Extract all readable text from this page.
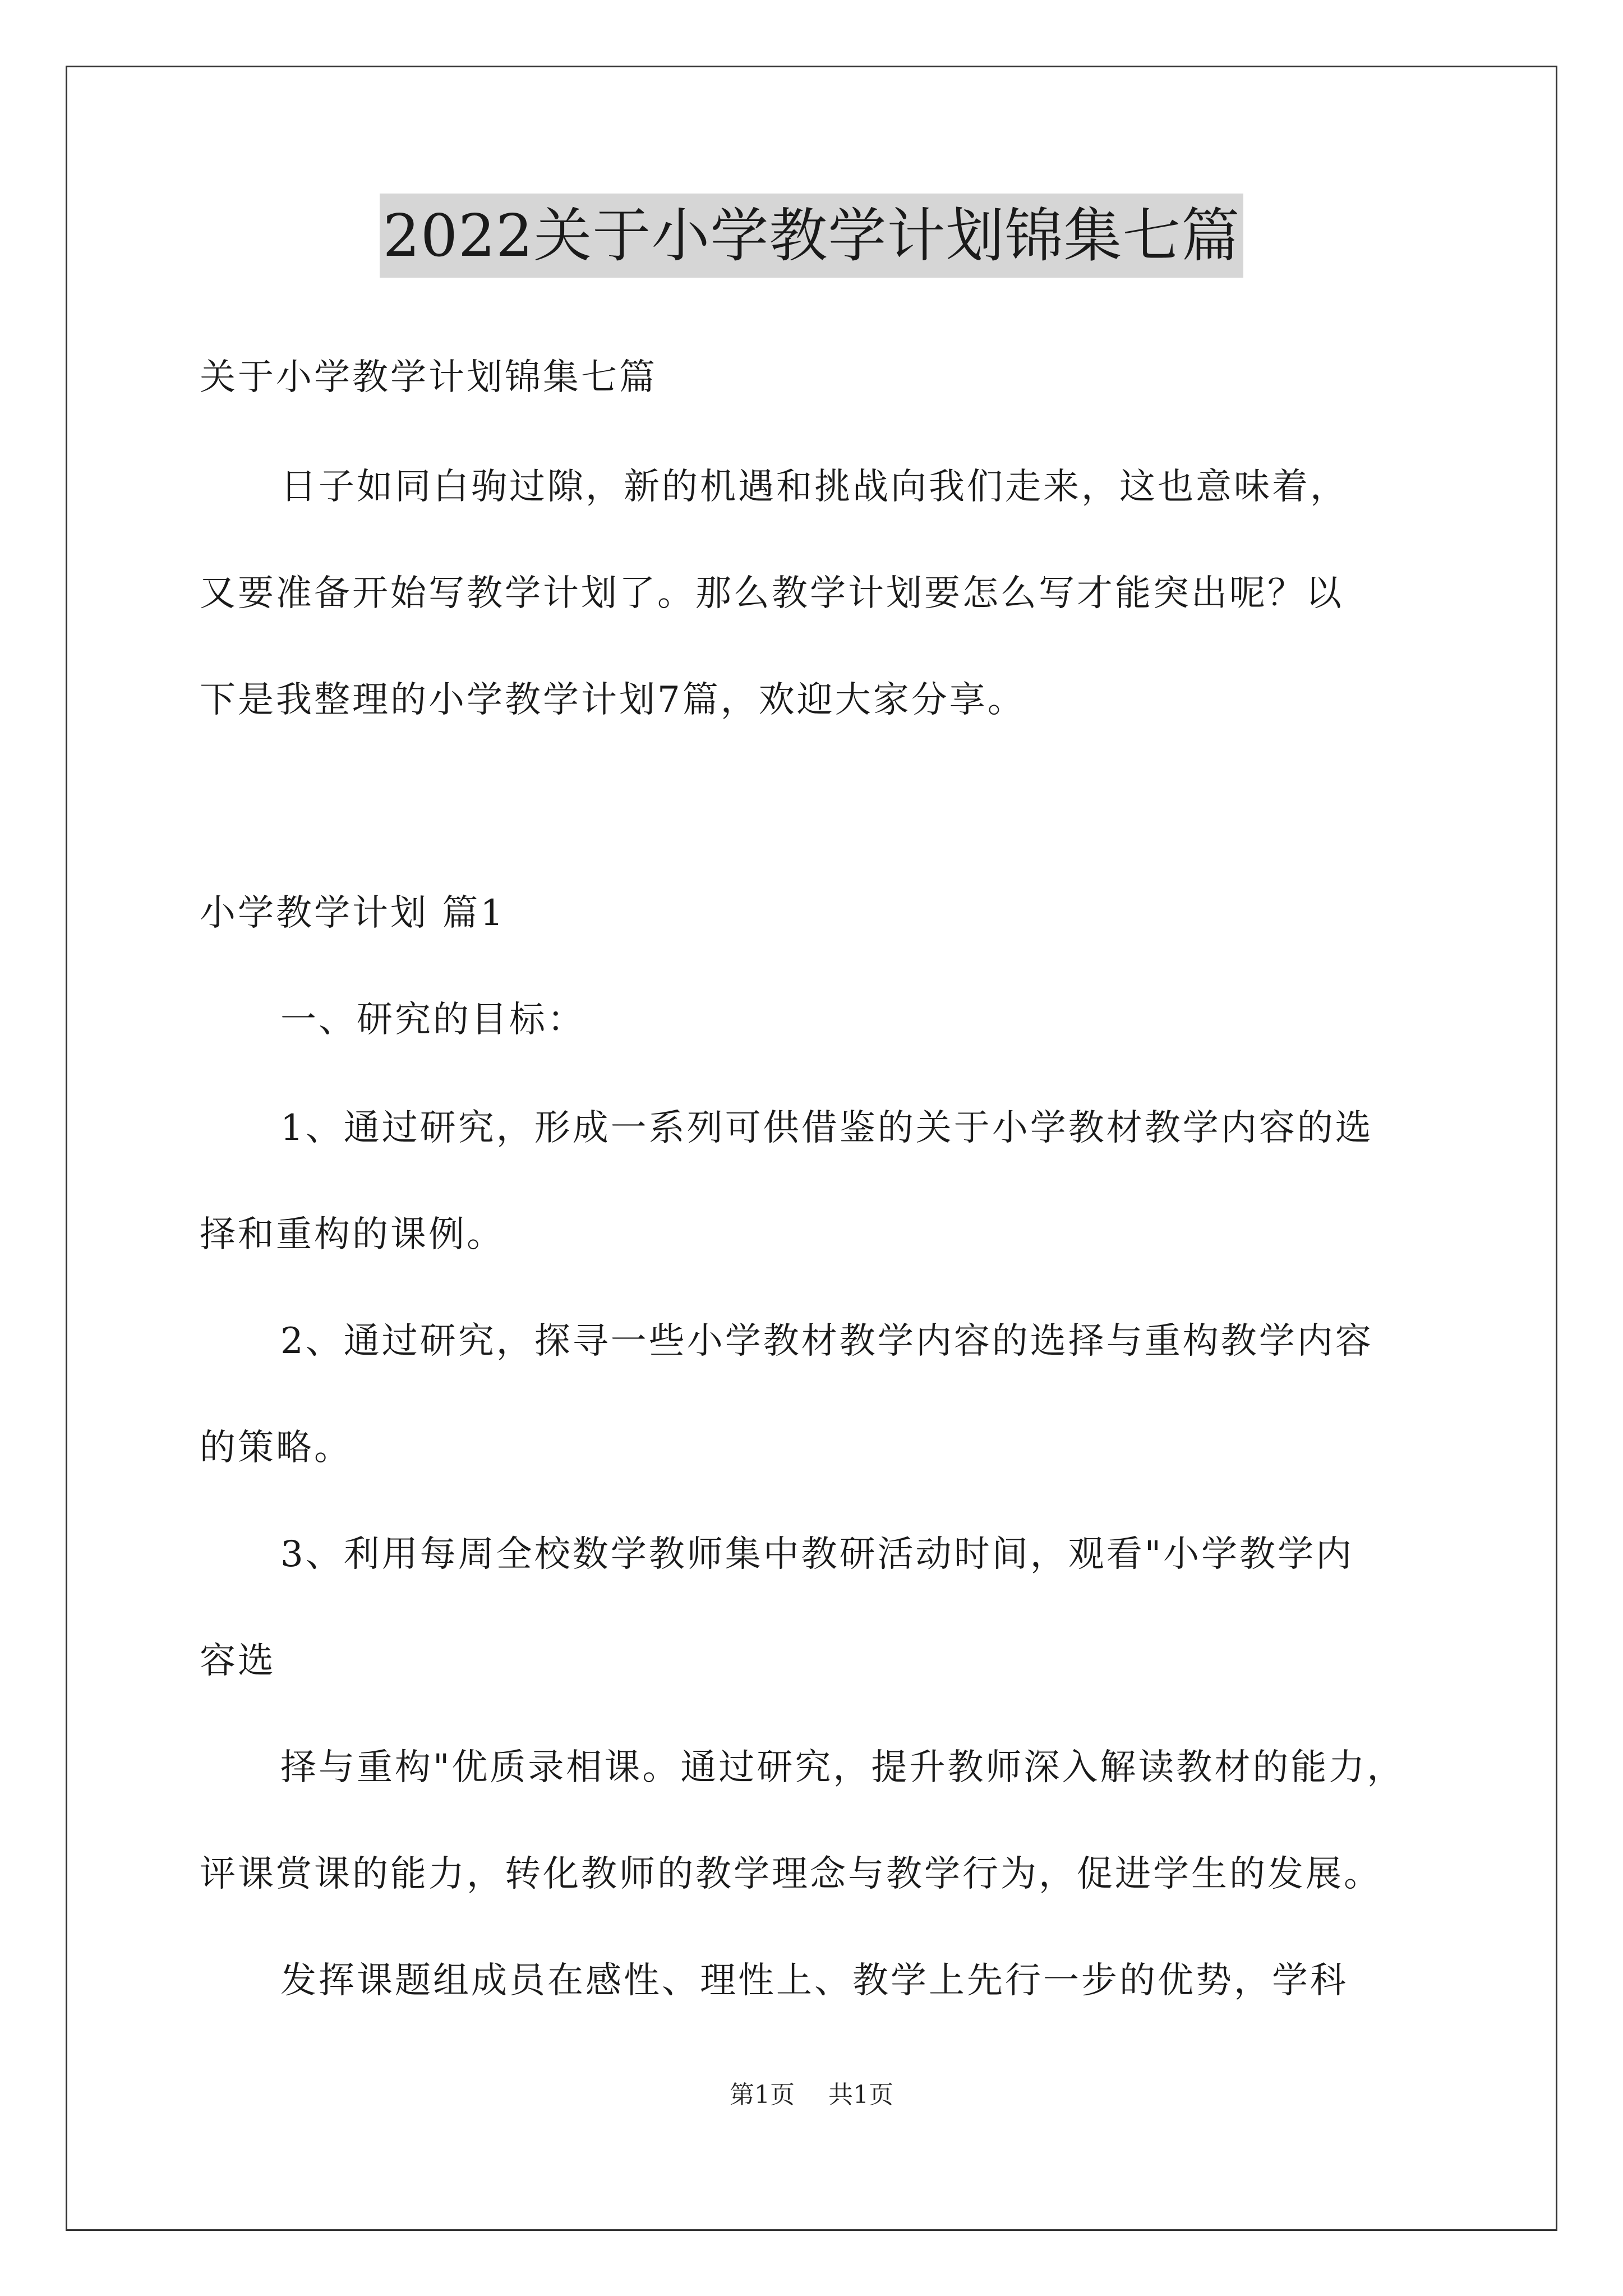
2022关于小学教学计划锦集七篇
关于小学教学计划锦集七篇
日子如同白驹过隙，新的机遇和挑战向我们走来，这也意味着，
又要准备开始写教学计划了。那么教学计划要怎么写才能突出呢？以
下是我整理的小学教学计划7篇，欢迎大家分享。
小学教学计划 篇1
一、研究的目标：
1、通过研究，形成一系列可供借鉴的关于小学教材教学内容的选
择和重构的课例。
2、通过研究，探寻一些小学教材教学内容的选择与重构教学内容
的策略。
3、利用每周全校数学教师集中教研活动时间，观看"小学教学内
容选
择与重构"优质录相课。通过研究，提升教师深入解读教材的能力，
评课赏课的能力，转化教师的教学理念与教学行为，促进学生的发展。
发挥课题组成员在感性、理性上、教学上先行一步的优势，学科
第1页 共1页
